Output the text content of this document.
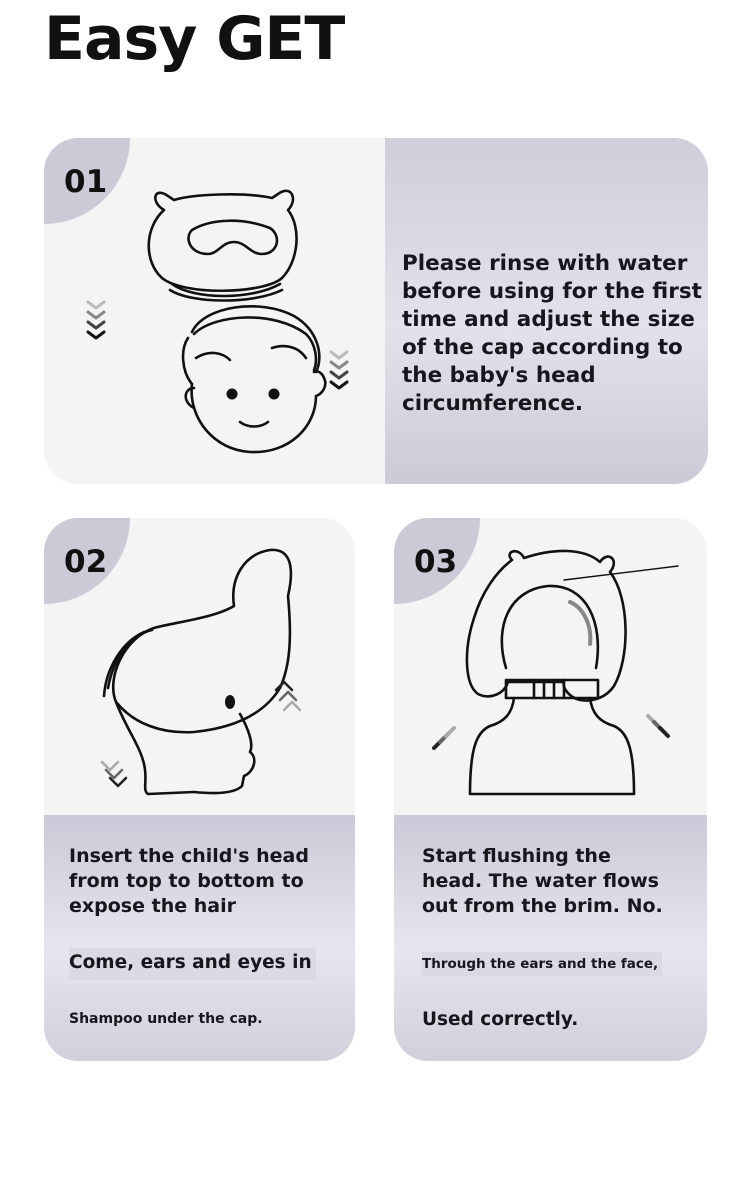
Easy GET
01
Please rinse with water before using for the first time and adjust the size of the cap according to the baby's head circumference.
02
Insert the child's head from top to bottom to expose the hair
Come, ears and eyes in
Shampoo under the cap.
03
Start flushing the head. The water flows out from the brim. No.
Through the ears and the face,
Used correctly.
